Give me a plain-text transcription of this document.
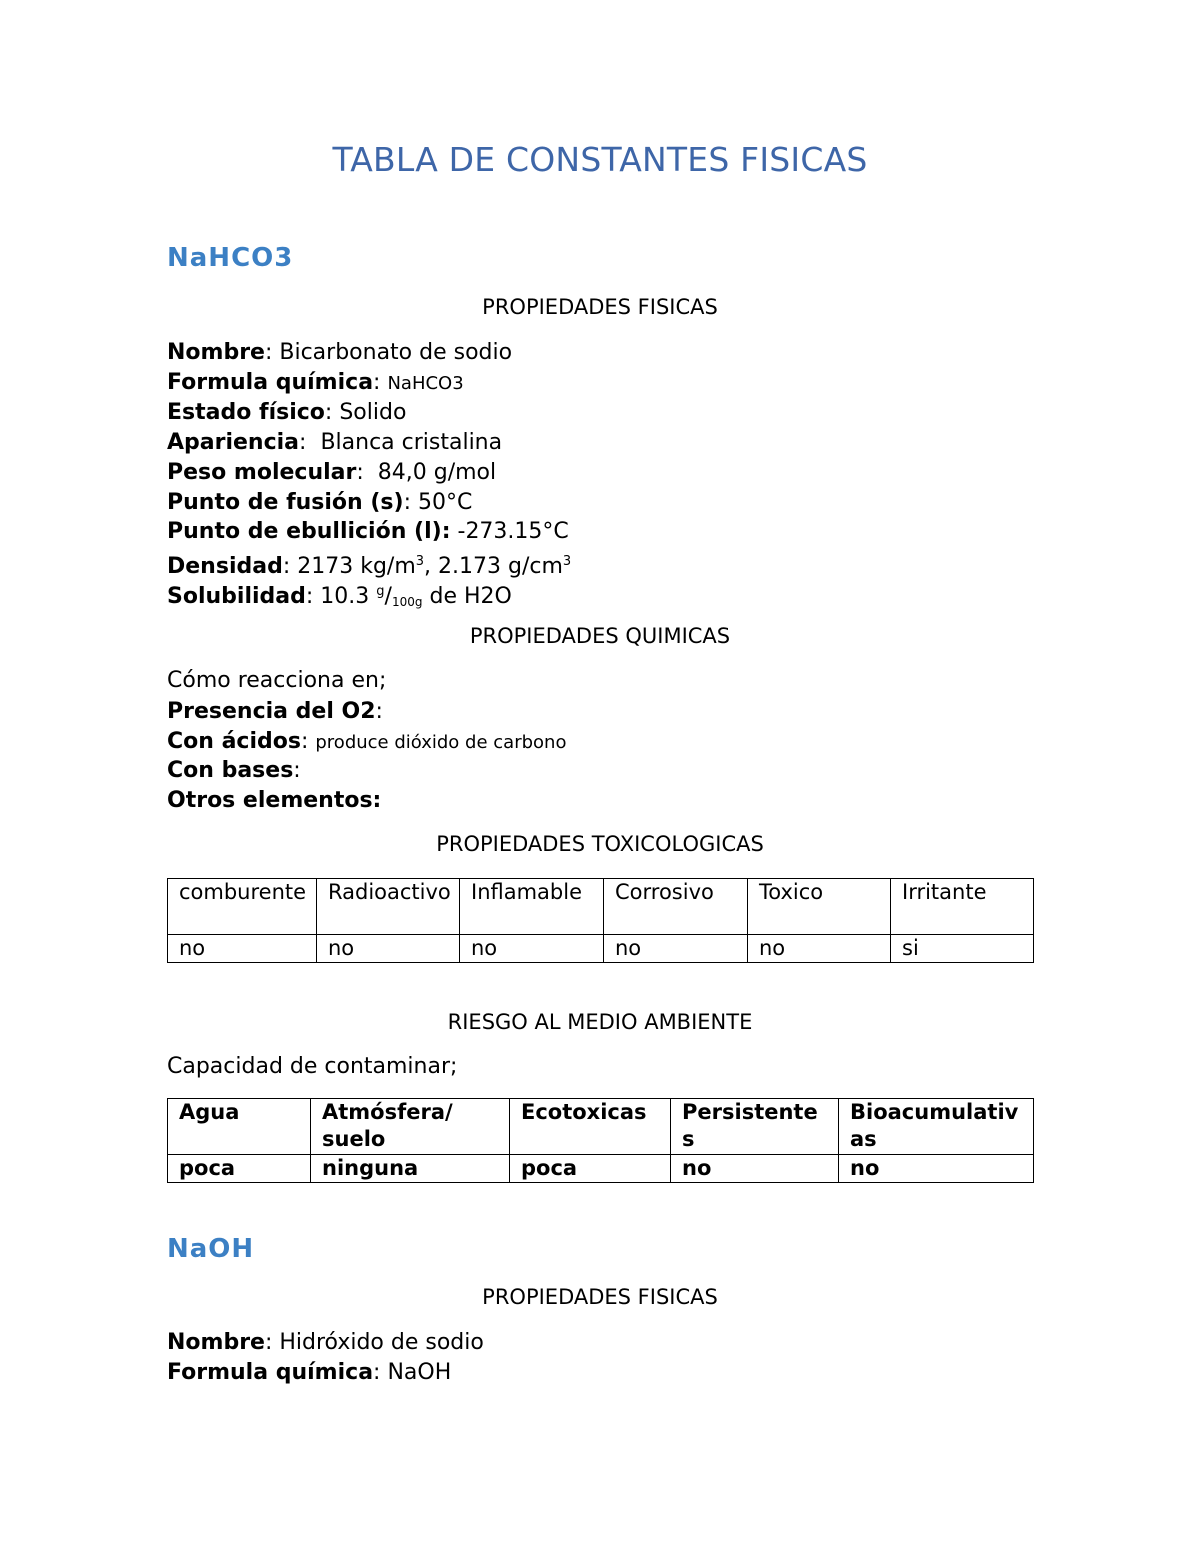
TABLA DE CONSTANTES FISICAS
NaHCO3
PROPIEDADES FISICAS
Nombre: Bicarbonato de sodio
Formula química: NaHCO3
Estado físico: Solido
Apariencia:  Blanca cristalina
Peso molecular:  84,0 g/mol
Punto de fusión (s): 50°C
Punto de ebullición (l): -273.15°C
Densidad: 2173 $kg/m^3$, 2.173 $g/cm^3$
Solubilidad: 10.3 $^g/_{100g}$ de H2O
PROPIEDADES QUIMICAS
Cómo reacciona en;
Presencia del O2:
Con ácidos: produce dióxido de carbono
Con bases:
Otros elementos:
PROPIEDADES TOXICOLOGICAS
comburente	Radioactivo	Inflamable	Corrosivo	Toxico	Irritante
no	no	no	no	no	si
RIESGO AL MEDIO AMBIENTE
Capacidad de contaminar;
Agua	Atmósfera/ suelo	Ecotoxicas	Persistentes	Bioacumulativas
poca	ninguna	poca	no	no
NaOH
PROPIEDADES FISICAS
Nombre: Hidróxido de sodio
Formula química: NaOH
